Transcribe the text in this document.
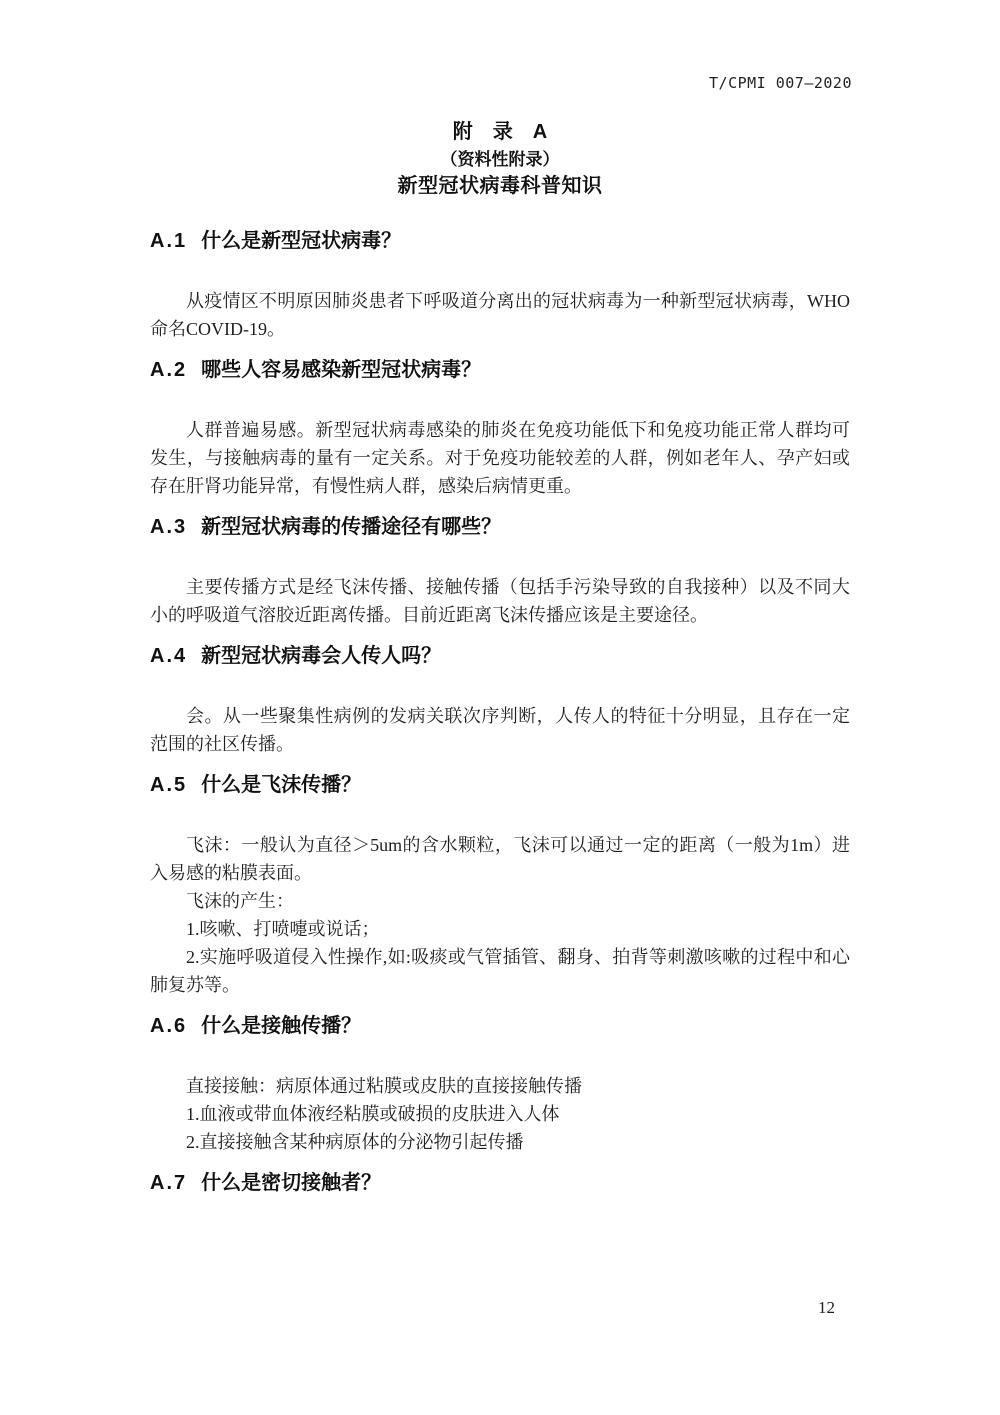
T/CPMI 007—2020
附　录　A
（资料性附录）
新型冠状病毒科普知识
A.1 什么是新型冠状病毒？

从疫情区不明原因肺炎患者下呼吸道分离出的冠状病毒为一种新型冠状病毒，WHO命名COVID-19。

A.2 哪些人容易感染新型冠状病毒？

人群普遍易感。新型冠状病毒感染的肺炎在免疫功能低下和免疫功能正常人群均可发生，与接触病毒的量有一定关系。对于免疫功能较差的人群，例如老年人、孕产妇或存在肝肾功能异常，有慢性病人群，感染后病情更重。

A.3 新型冠状病毒的传播途径有哪些？

主要传播方式是经飞沫传播、接触传播（包括手污染导致的自我接种）以及不同大小的呼吸道气溶胶近距离传播。目前近距离飞沫传播应该是主要途径。

A.4 新型冠状病毒会人传人吗？

会。从一些聚集性病例的发病关联次序判断，人传人的特征十分明显，且存在一定范围的社区传播。

A.5 什么是飞沫传播？

飞沫：一般认为直径＞5um的含水颗粒，飞沫可以通过一定的距离（一般为1m）进入易感的粘膜表面。

飞沫的产生：

1.咳嗽、打喷嚏或说话；

2.实施呼吸道侵入性操作,如:吸痰或气管插管、翻身、拍背等刺激咳嗽的过程中和心肺复苏等。

A.6 什么是接触传播？

直接接触：病原体通过粘膜或皮肤的直接接触传播

1.血液或带血体液经粘膜或破损的皮肤进入人体

2.直接接触含某种病原体的分泌物引起传播

A.7 什么是密切接触者？
12
